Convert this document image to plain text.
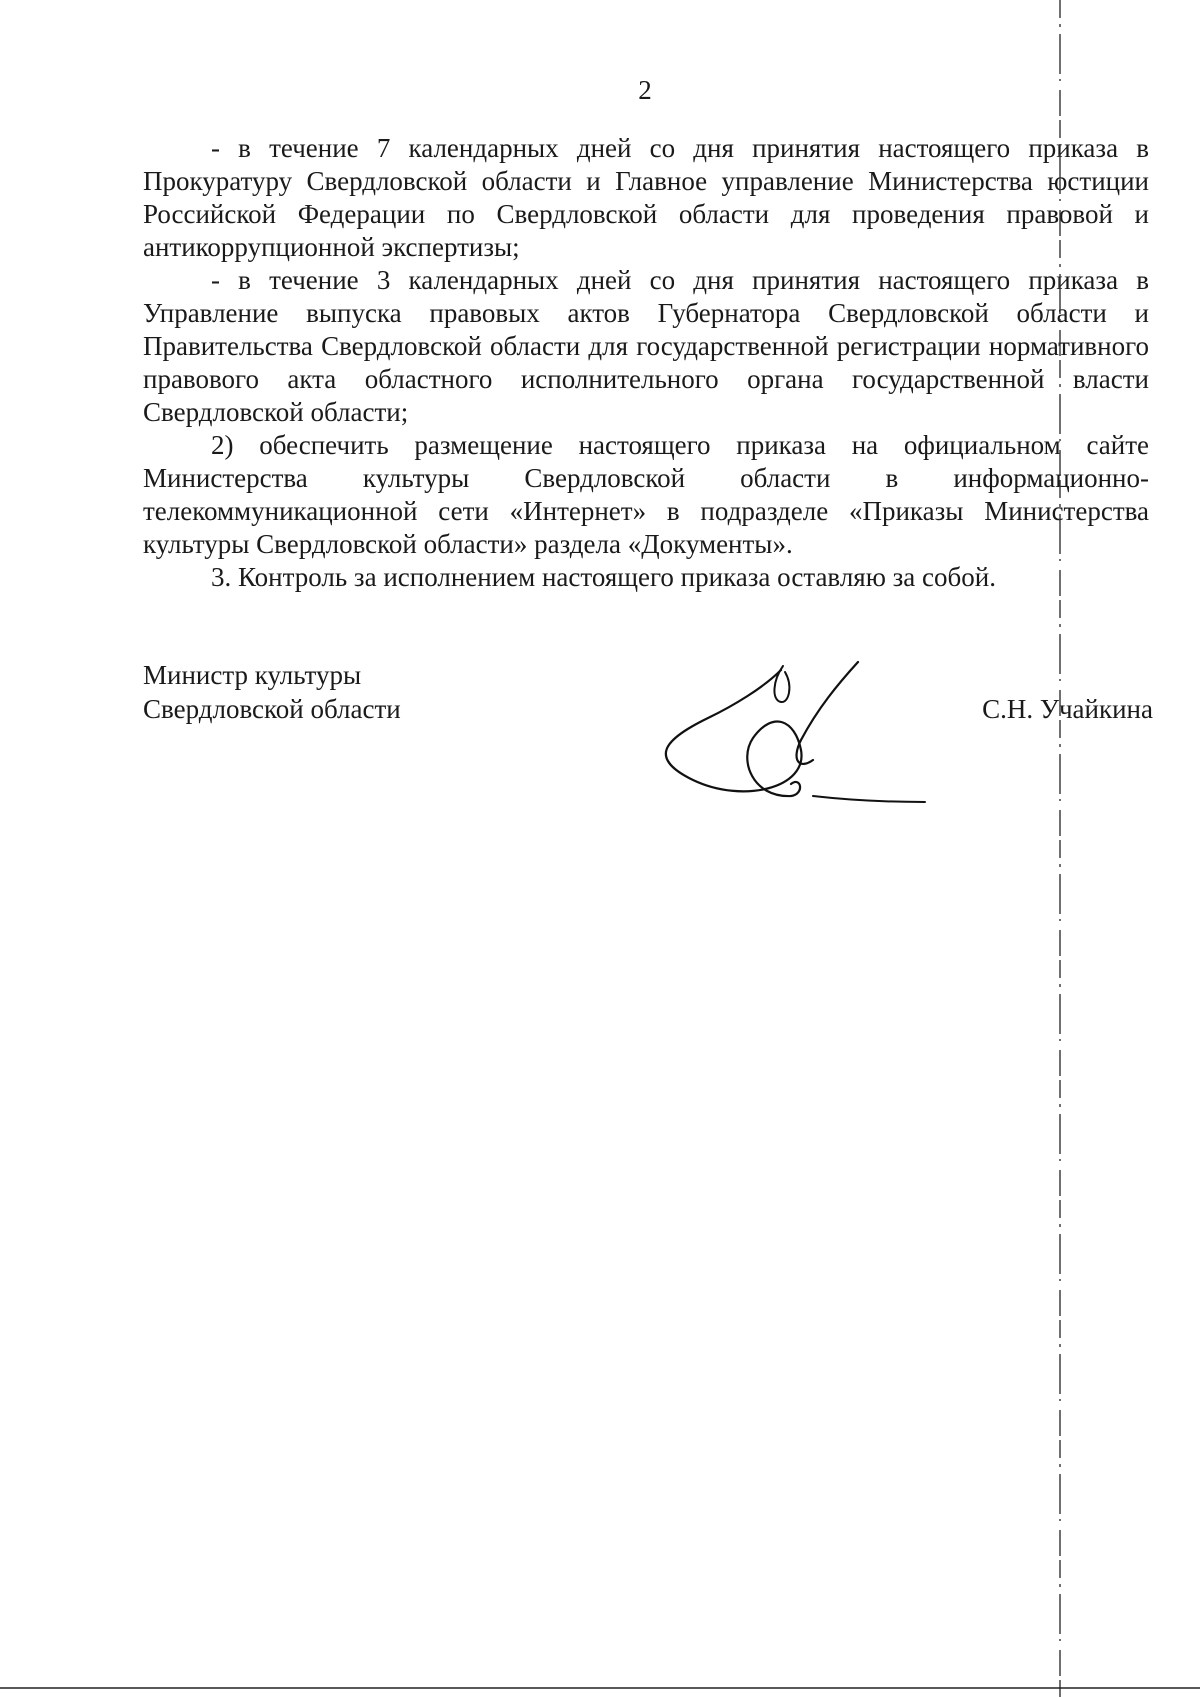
2

- в течение 7 календарных дней со дня принятия настоящего приказа в Прокуратуру Свердловской области и Главное управление Министерства юстиции Российской Федерации по Свердловской области для проведения правовой и антикоррупционной экспертизы;

- в течение 3 календарных дней со дня принятия настоящего приказа в Управление выпуска правовых актов Губернатора Свердловской области и Правительства Свердловской области для государственной регистрации нормативного правового акта областного исполнительного органа государственной власти Свердловской области;

2) обеспечить размещение настоящего приказа на официальном сайте Министерства культуры Свердловской области в информационно-телекоммуникационной сети «Интернет» в подразделе «Приказы Министерства культуры Свердловской области» раздела «Документы».

3. Контроль за исполнением настоящего приказа оставляю за собой.

Министр культуры
Свердловской области	С.Н. Учайкина
